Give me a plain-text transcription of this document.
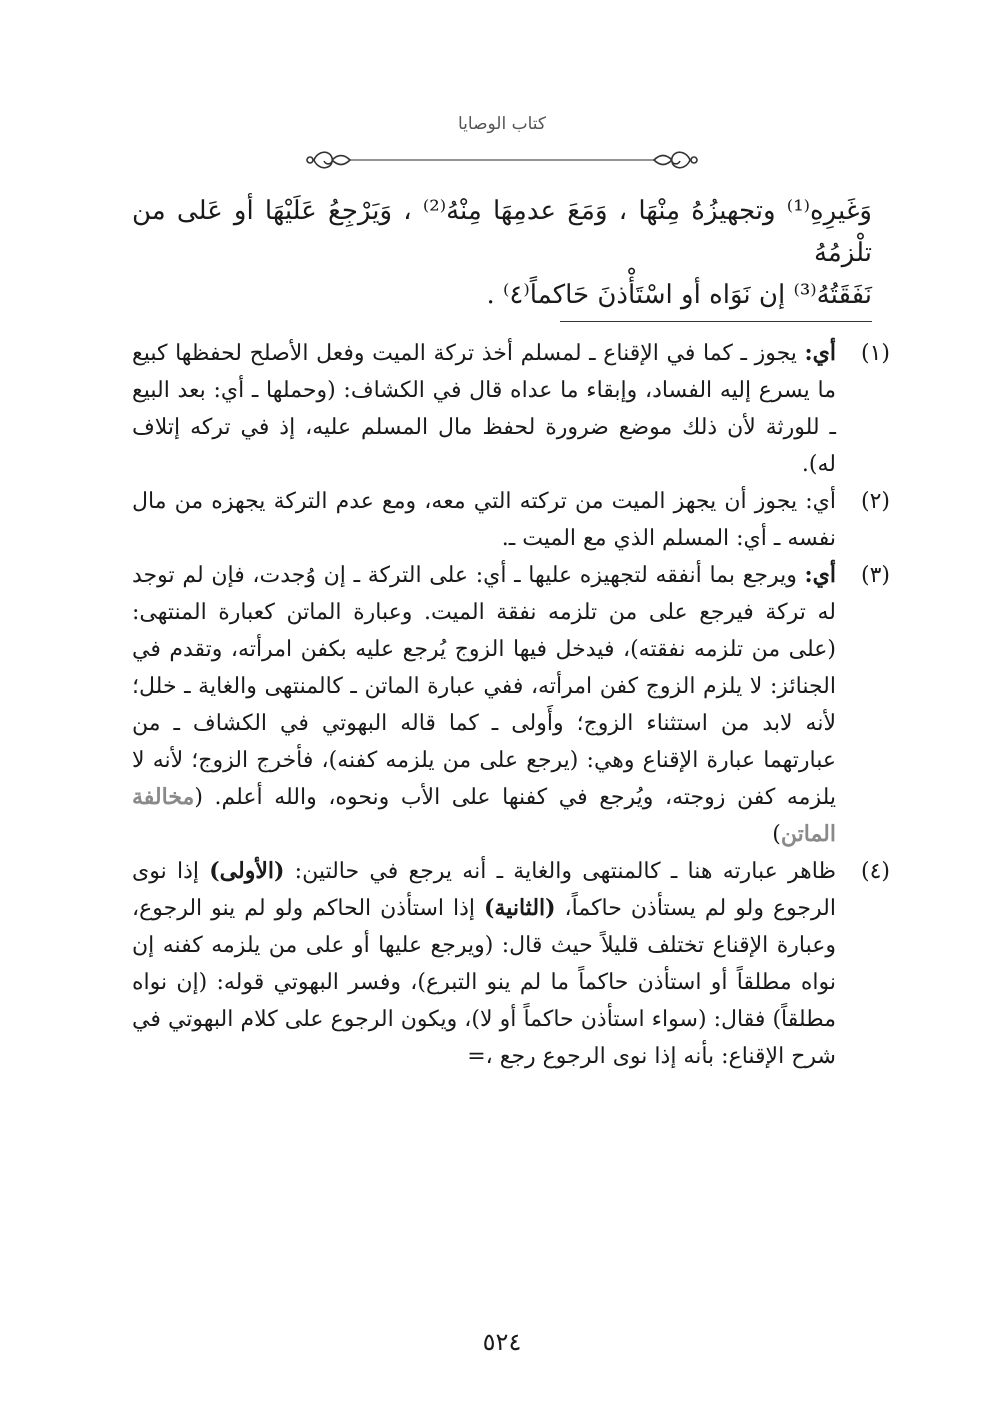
كتاب الوصايا

وَغَيرِهِ⁽¹⁾ وتجهيزُهُ مِنْهَا ، وَمَعَ عدمِهَا مِنْهُ⁽²⁾ ، وَيَرْجِعُ عَلَيْهَا أو عَلى من تلْزمُهُ

نَفَقَتُهُ⁽³⁾ إن نَوَاه أو اسْتَأْذنَ حَاكماً⁽٤⁾ .

(١)
أي: يجوز ـ كما في الإقناع ـ لمسلم أخذ تركة الميت وفعل الأصلح لحفظها كبيع ما يسرع إليه الفساد، وإبقاء ما عداه قال في الكشاف: (وحملها ـ أي: بعد البيع ـ للورثة لأن ذلك موضع ضرورة لحفظ مال المسلم عليه، إذ في تركه إتلاف له).

(٢)
أي: يجوز أن يجهز الميت من تركته التي معه، ومع عدم التركة يجهزه من مال نفسه ـ أي: المسلم الذي مع الميت ـ.

(٣)
أي: ويرجع بما أنفقه لتجهيزه عليها ـ أي: على التركة ـ إن وُجدت، فإن لم توجد له تركة فيرجع على من تلزمه نفقة الميت. وعبارة الماتن كعبارة المنتهى: (على من تلزمه نفقته)، فيدخل فيها الزوج يُرجع عليه بكفن امرأته، وتقدم في الجنائز: لا يلزم الزوج كفن امرأته، ففي عبارة الماتن ـ كالمنتهى والغاية ـ خلل؛ لأنه لابد من استثناء الزوج؛ وأَولى ـ كما قاله البهوتي في الكشاف ـ من عبارتهما عبارة الإقناع وهي: (يرجع على من يلزمه كفنه)، فأخرج الزوج؛ لأنه لا يلزمه كفن زوجته، ويُرجع في كفنها على الأب ونحوه، والله أعلم. (مخالفة الماتن)

(٤)
ظاهر عبارته هنا ـ كالمنتهى والغاية ـ أنه يرجع في حالتين: (الأولى) إذا نوى الرجوع ولو لم يستأذن حاكماً، (الثانية) إذا استأذن الحاكم ولو لم ينو الرجوع، وعبارة الإقناع تختلف قليلاً حيث قال: (ويرجع عليها أو على من يلزمه كفنه إن نواه مطلقاً أو استأذن حاكماً ما لم ينو التبرع)، وفسر البهوتي قوله: (إن نواه مطلقاً) فقال: (سواء استأذن حاكماً أو لا)، ويكون الرجوع على كلام البهوتي في شرح الإقناع: بأنه إذا نوى الرجوع رجع ،=

٥٢٤
